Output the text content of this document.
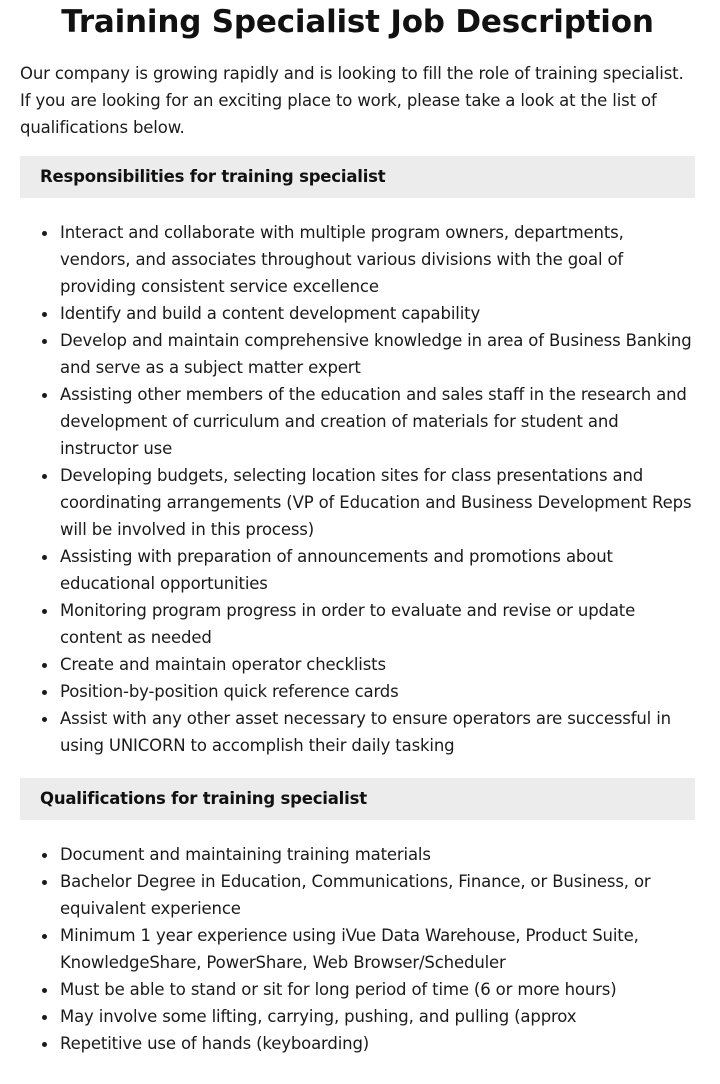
Training Specialist Job Description

Our company is growing rapidly and is looking to fill the role of training specialist. If you are looking for an exciting place to work, please take a look at the list of qualifications below.

Responsibilities for training specialist
Interact and collaborate with multiple program owners, departments, vendors, and associates throughout various divisions with the goal of providing consistent service excellence
Identify and build a content development capability
Develop and maintain comprehensive knowledge in area of Business Banking and serve as a subject matter expert
Assisting other members of the education and sales staff in the research and development of curriculum and creation of materials for student and instructor use
Developing budgets, selecting location sites for class presentations and coordinating arrangements (VP of Education and Business Development Reps will be involved in this process)
Assisting with preparation of announcements and promotions about educational opportunities
Monitoring program progress in order to evaluate and revise or update content as needed
Create and maintain operator checklists
Position-by-position quick reference cards
Assist with any other asset necessary to ensure operators are successful in using UNICORN to accomplish their daily tasking
Qualifications for training specialist
Document and maintaining training materials
Bachelor Degree in Education, Communications, Finance, or Business, or equivalent experience
Minimum 1 year experience using iVue Data Warehouse, Product Suite, KnowledgeShare, PowerShare, Web Browser/Scheduler
Must be able to stand or sit for long period of time (6 or more hours)
May involve some lifting, carrying, pushing, and pulling (approx
Repetitive use of hands (keyboarding)
